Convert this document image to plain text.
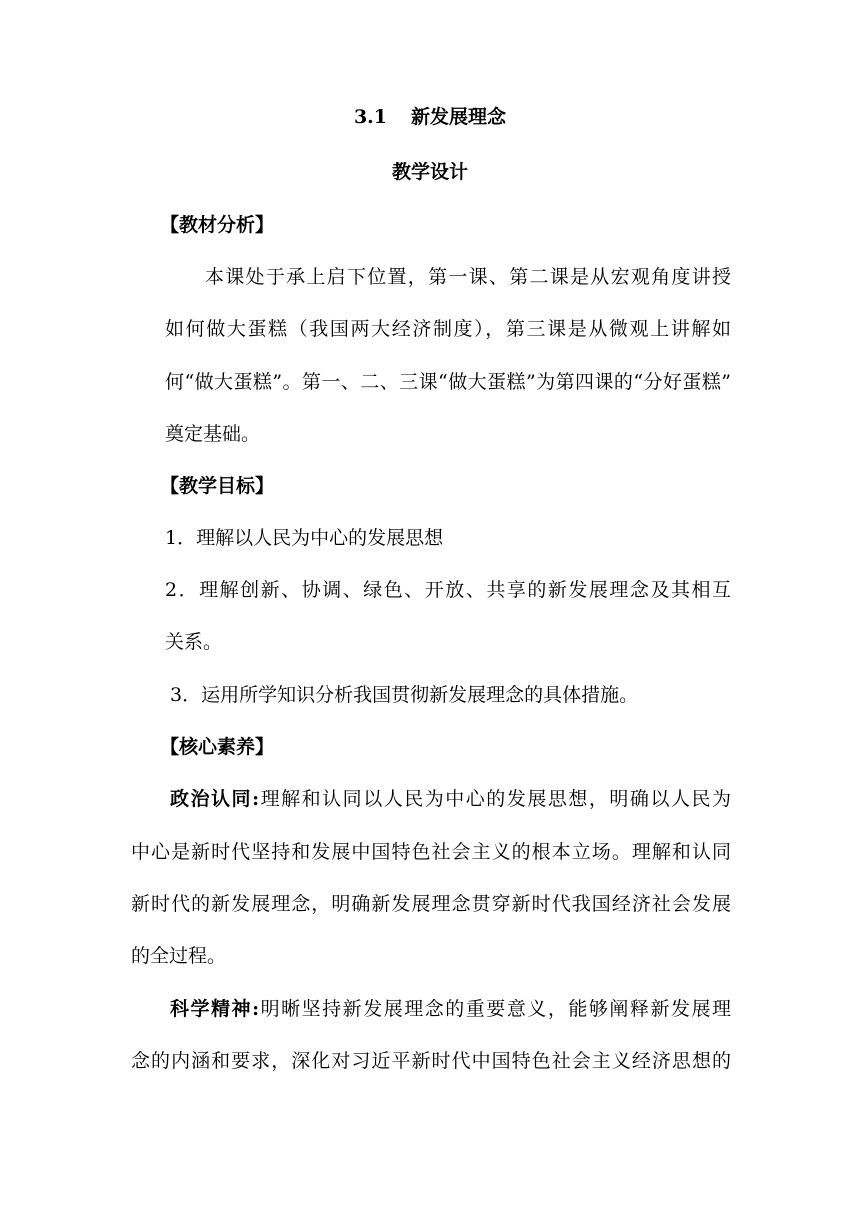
3.1 新发展理念
教学设计
【教材分析】
本课处于承上启下位置，第一课、第二课是从宏观角度讲授
如何做大蛋糕（我国两大经济制度），第三课是从微观上讲解如
何“做大蛋糕”。第一、二、三课“做大蛋糕”为第四课的“分好蛋糕”
奠定基础。
【教学目标】
1．理解以人民为中心的发展思想
2．理解创新、协调、绿色、开放、共享的新发展理念及其相互
关系。
3．运用所学知识分析我国贯彻新发展理念的具体措施。
【核心素养】
政治认同:理解和认同以人民为中心的发展思想，明确以人民为
中心是新时代坚持和发展中国特色社会主义的根本立场。理解和认同
新时代的新发展理念，明确新发展理念贯穿新时代我国经济社会发展
的全过程。
科学精神:明晰坚持新发展理念的重要意义，能够阐释新发展理
念的内涵和要求，深化对习近平新时代中国特色社会主义经济思想的
